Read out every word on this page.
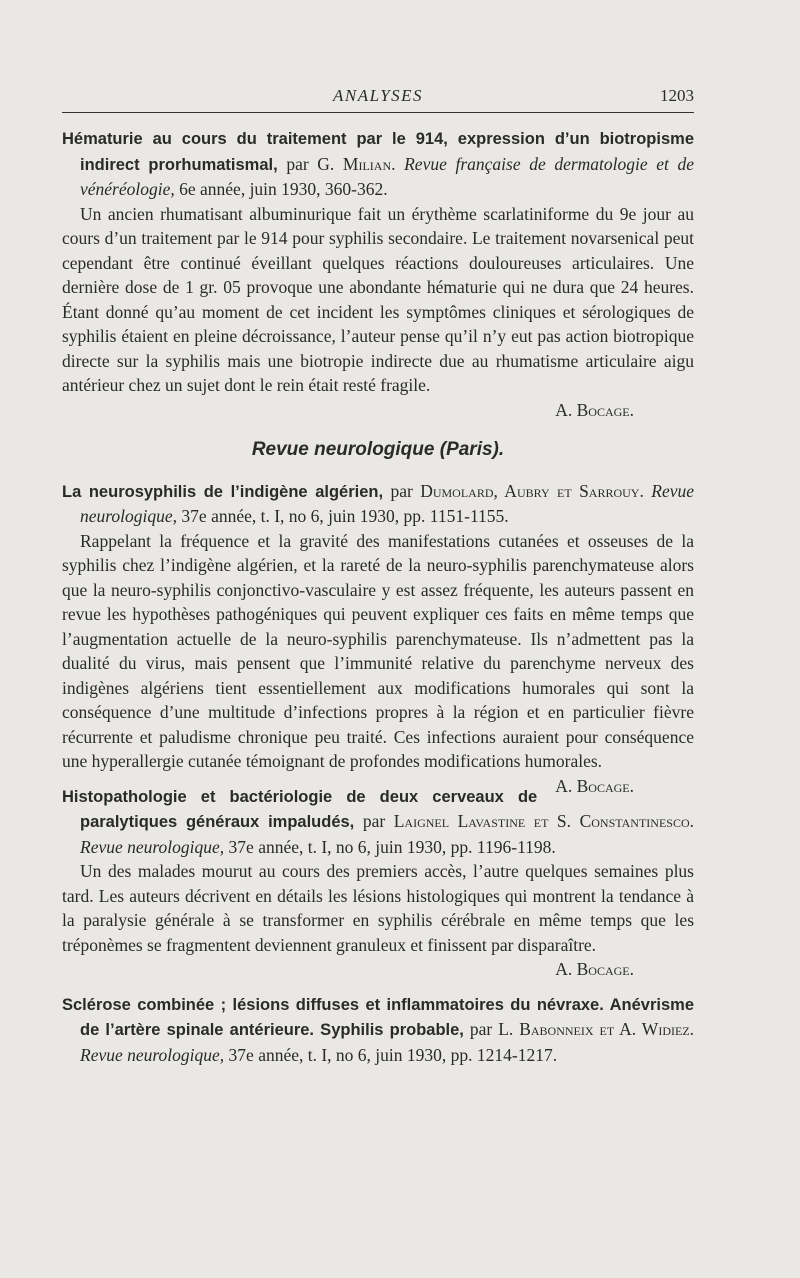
ANALYSES	1203

Hématurie au cours du traitement par le 914, expression d’un biotropisme indirect prorhumatismal, par G. Milian. Revue française de dermatologie et de vénéréologie, 6e année, juin 1930, 360-362.

Un ancien rhumatisant albuminurique fait un érythème scarlatiniforme du 9e jour au cours d’un traitement par le 914 pour syphilis secondaire. Le traitement novarsenical peut cependant être continué éveillant quelques réactions douloureuses articulaires. Une dernière dose de 1 gr. 05 provoque une abondante hématurie qui ne dura que 24 heures. Étant donné qu’au moment de cet incident les symptômes cliniques et sérologiques de syphilis étaient en pleine décroissance, l’auteur pense qu’il n’y eut pas action biotropique directe sur la syphilis mais une biotropie indirecte due au rhumatisme articulaire aigu antérieur chez un sujet dont le rein était resté fragile.

A. Bocage.

Revue neurologique (Paris).

La neurosyphilis de l’indigène algérien, par Dumolard, Aubry et Sarrouy. Revue neurologique, 37e année, t. I, no 6, juin 1930, pp. 1151-1155.

Rappelant la fréquence et la gravité des manifestations cutanées et osseuses de la syphilis chez l’indigène algérien, et la rareté de la neuro-syphilis parenchymateuse alors que la neuro-syphilis conjonctivo-vasculaire y est assez fréquente, les auteurs passent en revue les hypothèses pathogéniques qui peuvent expliquer ces faits en même temps que l’augmentation actuelle de la neuro-syphilis parenchymateuse. Ils n’admettent pas la dualité du virus, mais pensent que l’immunité relative du parenchyme nerveux des indigènes algériens tient essentiellement aux modifications humorales qui sont la conséquence d’une multitude d’infections propres à la région et en particulier fièvre récurrente et paludisme chronique peu traité. Ces infections auraient pour conséquence une hyperallergie cutanée témoignant de profondes modifications humorales.
A. Bocage.

Histopathologie et bactériologie de deux cerveaux de paralytiques généraux impaludés, par Laignel Lavastine et S. Constantinesco. Revue neurologique, 37e année, t. I, no 6, juin 1930, pp. 1196-1198.

Un des malades mourut au cours des premiers accès, l’autre quelques semaines plus tard. Les auteurs décrivent en détails les lésions histologiques qui montrent la tendance à la paralysie générale à se transformer en syphilis cérébrale en même temps que les tréponèmes se fragmentent deviennent granuleux et finissent par disparaître.

A. Bocage.

Sclérose combinée ; lésions diffuses et inflammatoires du névraxe. Anévrisme de l’artère spinale antérieure. Syphilis probable, par L. Babonneix et A. Widiez. Revue neurologique, 37e année, t. I, no 6, juin 1930, pp. 1214-1217.
